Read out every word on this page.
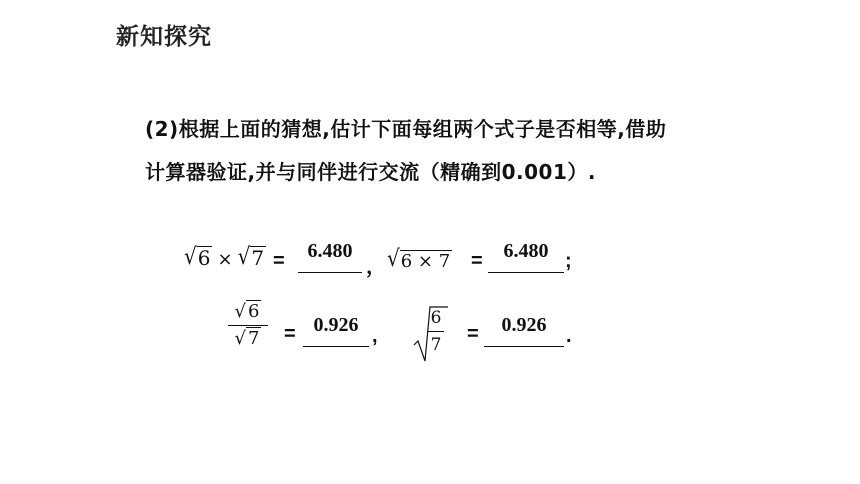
新知探究
(2)根据上面的猜想,估计下面每组两个式子是否相等,借助
计算器验证,并与同伴进行交流（精确到0.001）.
√6 × √7 =	6.480
， √6 × 7 =	6.480 ;
√ 6
√ 7	= 0.926 ,
6
7 =	0.926 .
